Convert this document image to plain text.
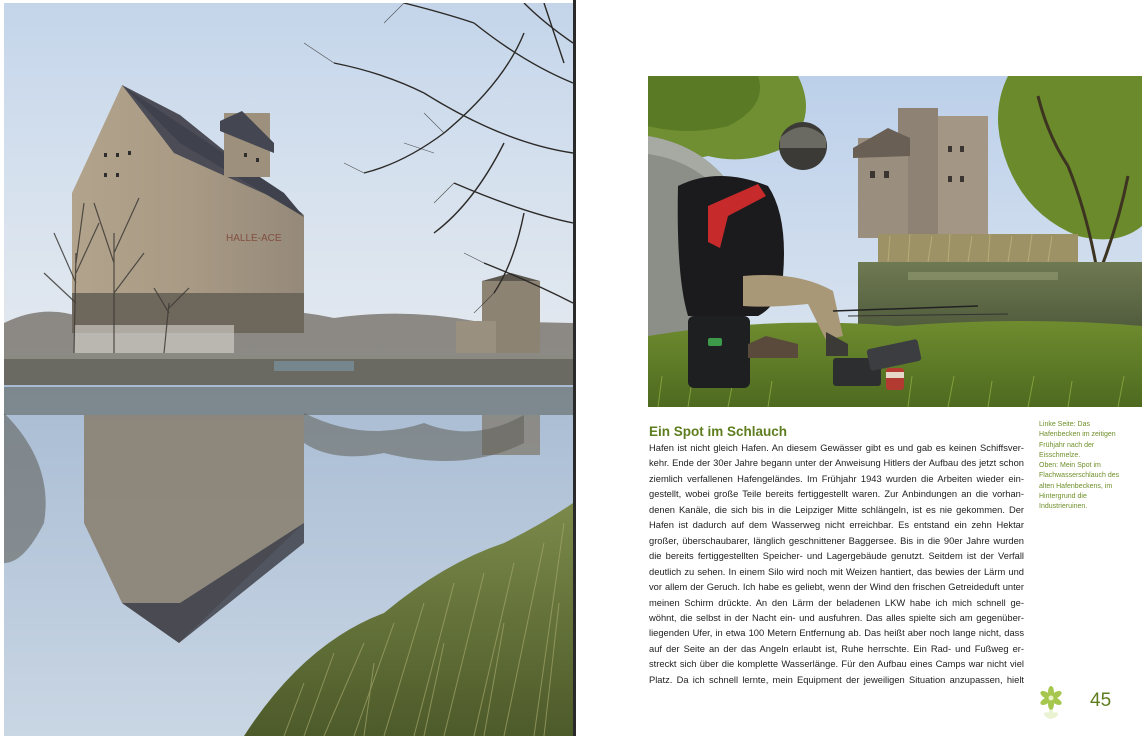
HALLE-ACE
Ein Spot im Schlauch
Hafen ist nicht gleich Hafen. An diesem Gewässer gibt es und gab es keinen Schiffsver-
kehr. Ende der 30er Jahre begann unter der Anweisung Hitlers der Aufbau des jetzt schon
ziemlich verfallenen Hafengeländes. Im Frühjahr 1943 wurden die Arbeiten wieder ein-
gestellt, wobei große Teile bereits fertiggestellt waren. Zur Anbindungen an die vorhan-
denen Kanäle, die sich bis in die Leipziger Mitte schlängeln, ist es nie gekommen. Der
Hafen ist dadurch auf dem Wasserweg nicht erreichbar. Es entstand ein zehn Hektar
großer, überschaubarer, länglich geschnittener Baggersee. Bis in die 90er Jahre wurden
die bereits fertiggestellten Speicher- und Lagergebäude genutzt. Seitdem ist der Verfall
deutlich zu sehen. In einem Silo wird noch mit Weizen hantiert, das bewies der Lärm und
vor allem der Geruch. Ich habe es geliebt, wenn der Wind den frischen Getreideduft unter
meinen Schirm drückte. An den Lärm der beladenen LKW habe ich mich schnell ge-
wöhnt, die selbst in der Nacht ein- und ausfuhren. Das alles spielte sich am gegenüber-
liegenden Ufer, in etwa 100 Metern Entfernung ab. Das heißt aber noch lange nicht, dass
auf der Seite an der das Angeln erlaubt ist, Ruhe herrschte. Ein Rad- und Fußweg er-
streckt sich über die komplette Wasserlänge. Für den Aufbau eines Camps war nicht viel
Platz. Da ich schnell lernte, mein Equipment der jeweiligen Situation anzupassen, hielt
Linke Seite: Das
Hafenbecken im zeitigen
Frühjahr nach der
Eisschmelze.
Oben: Mein Spot im
Flachwasserschlauch des
alten Hafenbeckens, im
Hintergrund die
Industrieruinen.
45
